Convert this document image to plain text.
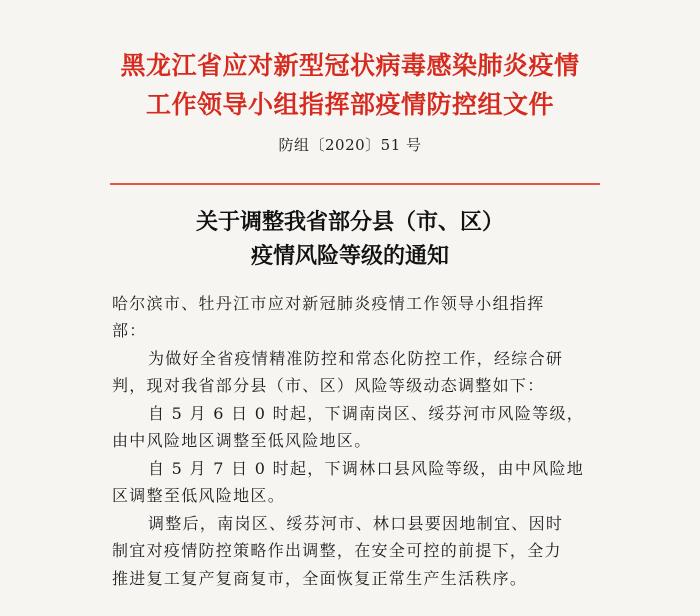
黑龙江省应对新型冠状病毒感染肺炎疫情
工作领导小组指挥部疫情防控组文件
防组〔2020〕51 号
关于调整我省部分县（市、区）
疫情风险等级的通知
哈尔滨市、牡丹江市应对新冠肺炎疫情工作领导小组指挥
部：
为做好全省疫情精准防控和常态化防控工作，经综合研
判，现对我省部分县（市、区）风险等级动态调整如下：
自 5 月 6 日 0 时起，下调南岗区、绥芬河市风险等级，
由中风险地区调整至低风险地区。
自 5 月 7 日 0 时起，下调林口县风险等级，由中风险地
区调整至低风险地区。
调整后，南岗区、绥芬河市、林口县要因地制宜、因时
制宜对疫情防控策略作出调整，在安全可控的前提下，全力
推进复工复产复商复市，全面恢复正常生产生活秩序。
